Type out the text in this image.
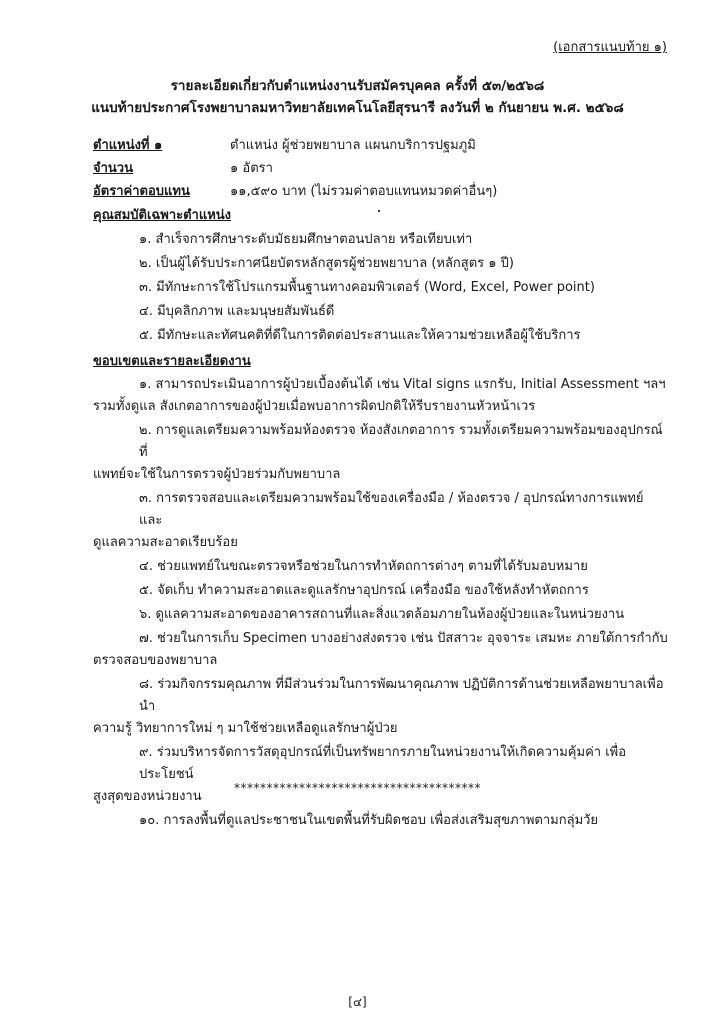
(เอกสารแนบท้าย ๑)
รายละเอียดเกี่ยวกับตำแหน่งงานรับสมัครบุคคล ครั้งที่ ๕๓/๒๕๖๘
แนบท้ายประกาศโรงพยาบาลมหาวิทยาลัยเทคโนโลยีสุรนารี ลงวันที่ ๒ กันยายน พ.ศ. ๒๕๖๘
ตำแหน่งที่ ๑	ตำแหน่ง ผู้ช่วยพยาบาล แผนกบริการปฐมภูมิ
จำนวน	๑ อัตรา
อัตราค่าตอบแทน	๑๑,๕๙๐ บาท (ไม่รวมค่าตอบแทนหมวดค่าอื่นๆ)
คุณสมบัติเฉพาะตำแหน่ง
๑. สำเร็จการศึกษาระดับมัธยมศึกษาตอนปลาย หรือเทียบเท่า
๒. เป็นผู้ได้รับประกาศนียบัตรหลักสูตรผู้ช่วยพยาบาล (หลักสูตร ๑ ปี)
๓. มีทักษะการใช้โปรแกรมพื้นฐานทางคอมพิวเตอร์ (Word, Excel, Power point)
๔. มีบุคลิกภาพ และมนุษยสัมพันธ์ดี
๕. มีทักษะและทัศนคติที่ดีในการติดต่อประสานและให้ความช่วยเหลือผู้ใช้บริการ
ขอบเขตและรายละเอียดงาน
๑. สามารถประเมินอาการผู้ป่วยเบื้องต้นได้ เช่น Vital signs แรกรับ, Initial Assessment ฯลฯ
รวมทั้งดูแล สังเกตอาการของผู้ป่วยเมื่อพบอาการผิดปกติให้รีบรายงานหัวหน้าเวร
๒. การดูแลเตรียมความพร้อมห้องตรวจ ห้องสังเกตอาการ รวมทั้งเตรียมความพร้อมของอุปกรณ์ที่
แพทย์จะใช้ในการตรวจผู้ป่วยร่วมกับพยาบาล
๓. การตรวจสอบและเตรียมความพร้อมใช้ของเครื่องมือ / ห้องตรวจ / อุปกรณ์ทางการแพทย์ และ
ดูแลความสะอาดเรียบร้อย
๔. ช่วยแพทย์ในขณะตรวจหรือช่วยในการทำหัตถการต่างๆ ตามที่ได้รับมอบหมาย
๕. จัดเก็บ ทำความสะอาดและดูแลรักษาอุปกรณ์ เครื่องมือ ของใช้หลังทำหัตถการ
๖. ดูแลความสะอาดของอาคารสถานที่และสิ่งแวดล้อมภายในห้องผู้ป่วยและในหน่วยงาน
๗. ช่วยในการเก็บ Specimen บางอย่างส่งตรวจ เช่น ปัสสาวะ อุจจาระ เสมหะ ภายใต้การกำกับ
ตรวจสอบของพยาบาล
๘. ร่วมกิจกรรมคุณภาพ ที่มีส่วนร่วมในการพัฒนาคุณภาพ ปฏิบัติการด้านช่วยเหลือพยาบาลเพื่อนำ
ความรู้ วิทยาการใหม่ ๆ มาใช้ช่วยเหลือดูแลรักษาผู้ป่วย
๙. ร่วมบริหารจัดการวัสดุอุปกรณ์ที่เป็นทรัพยากรภายในหน่วยงานให้เกิดความคุ้มค่า เพื่อประโยชน์
สูงสุดของหน่วยงาน
๑๐. การลงพื้นที่ดูแลประชาชนในเขตพื้นที่รับผิดชอบ เพื่อส่งเสริมสุขภาพตามกลุ่มวัย
**************************************
[๔]
